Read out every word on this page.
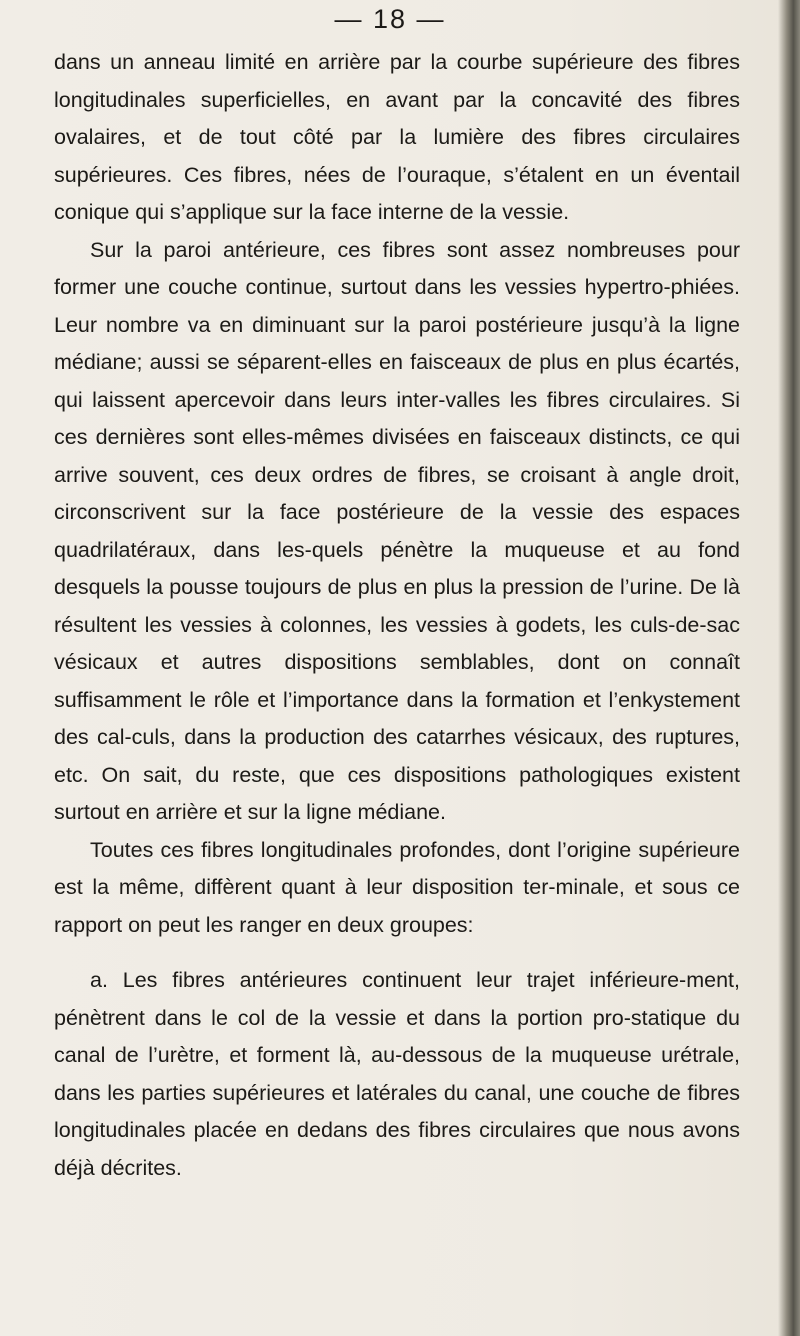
— 18 —

dans un anneau limité en arrière par la courbe supérieure des fibres longitudinales superficielles, en avant par la concavité des fibres ovalaires, et de tout côté par la lumière des fibres circulaires supérieures. Ces fibres, nées de l’ouraque, s’étalent en un éventail conique qui s’applique sur la face interne de la vessie.

Sur la paroi antérieure, ces fibres sont assez nombreuses pour former une couche continue, surtout dans les vessies hypertro-phiées. Leur nombre va en diminuant sur la paroi postérieure jusqu’à la ligne médiane; aussi se séparent-elles en faisceaux de plus en plus écartés, qui laissent apercevoir dans leurs inter-valles les fibres circulaires. Si ces dernières sont elles-mêmes divisées en faisceaux distincts, ce qui arrive souvent, ces deux ordres de fibres, se croisant à angle droit, circonscrivent sur la face postérieure de la vessie des espaces quadrilatéraux, dans les-quels pénètre la muqueuse et au fond desquels la pousse toujours de plus en plus la pression de l’urine. De là résultent les vessies à colonnes, les vessies à godets, les culs-de-sac vésicaux et autres dispositions semblables, dont on connaît suffisamment le rôle et l’importance dans la formation et l’enkystement des cal-culs, dans la production des catarrhes vésicaux, des ruptures, etc. On sait, du reste, que ces dispositions pathologiques existent surtout en arrière et sur la ligne médiane.

Toutes ces fibres longitudinales profondes, dont l’origine supérieure est la même, diffèrent quant à leur disposition ter-minale, et sous ce rapport on peut les ranger en deux groupes:

a. Les fibres antérieures continuent leur trajet inférieure-ment, pénètrent dans le col de la vessie et dans la portion pro-statique du canal de l’urètre, et forment là, au-dessous de la muqueuse urétrale, dans les parties supérieures et latérales du canal, une couche de fibres longitudinales placée en dedans des fibres circulaires que nous avons déjà décrites.
